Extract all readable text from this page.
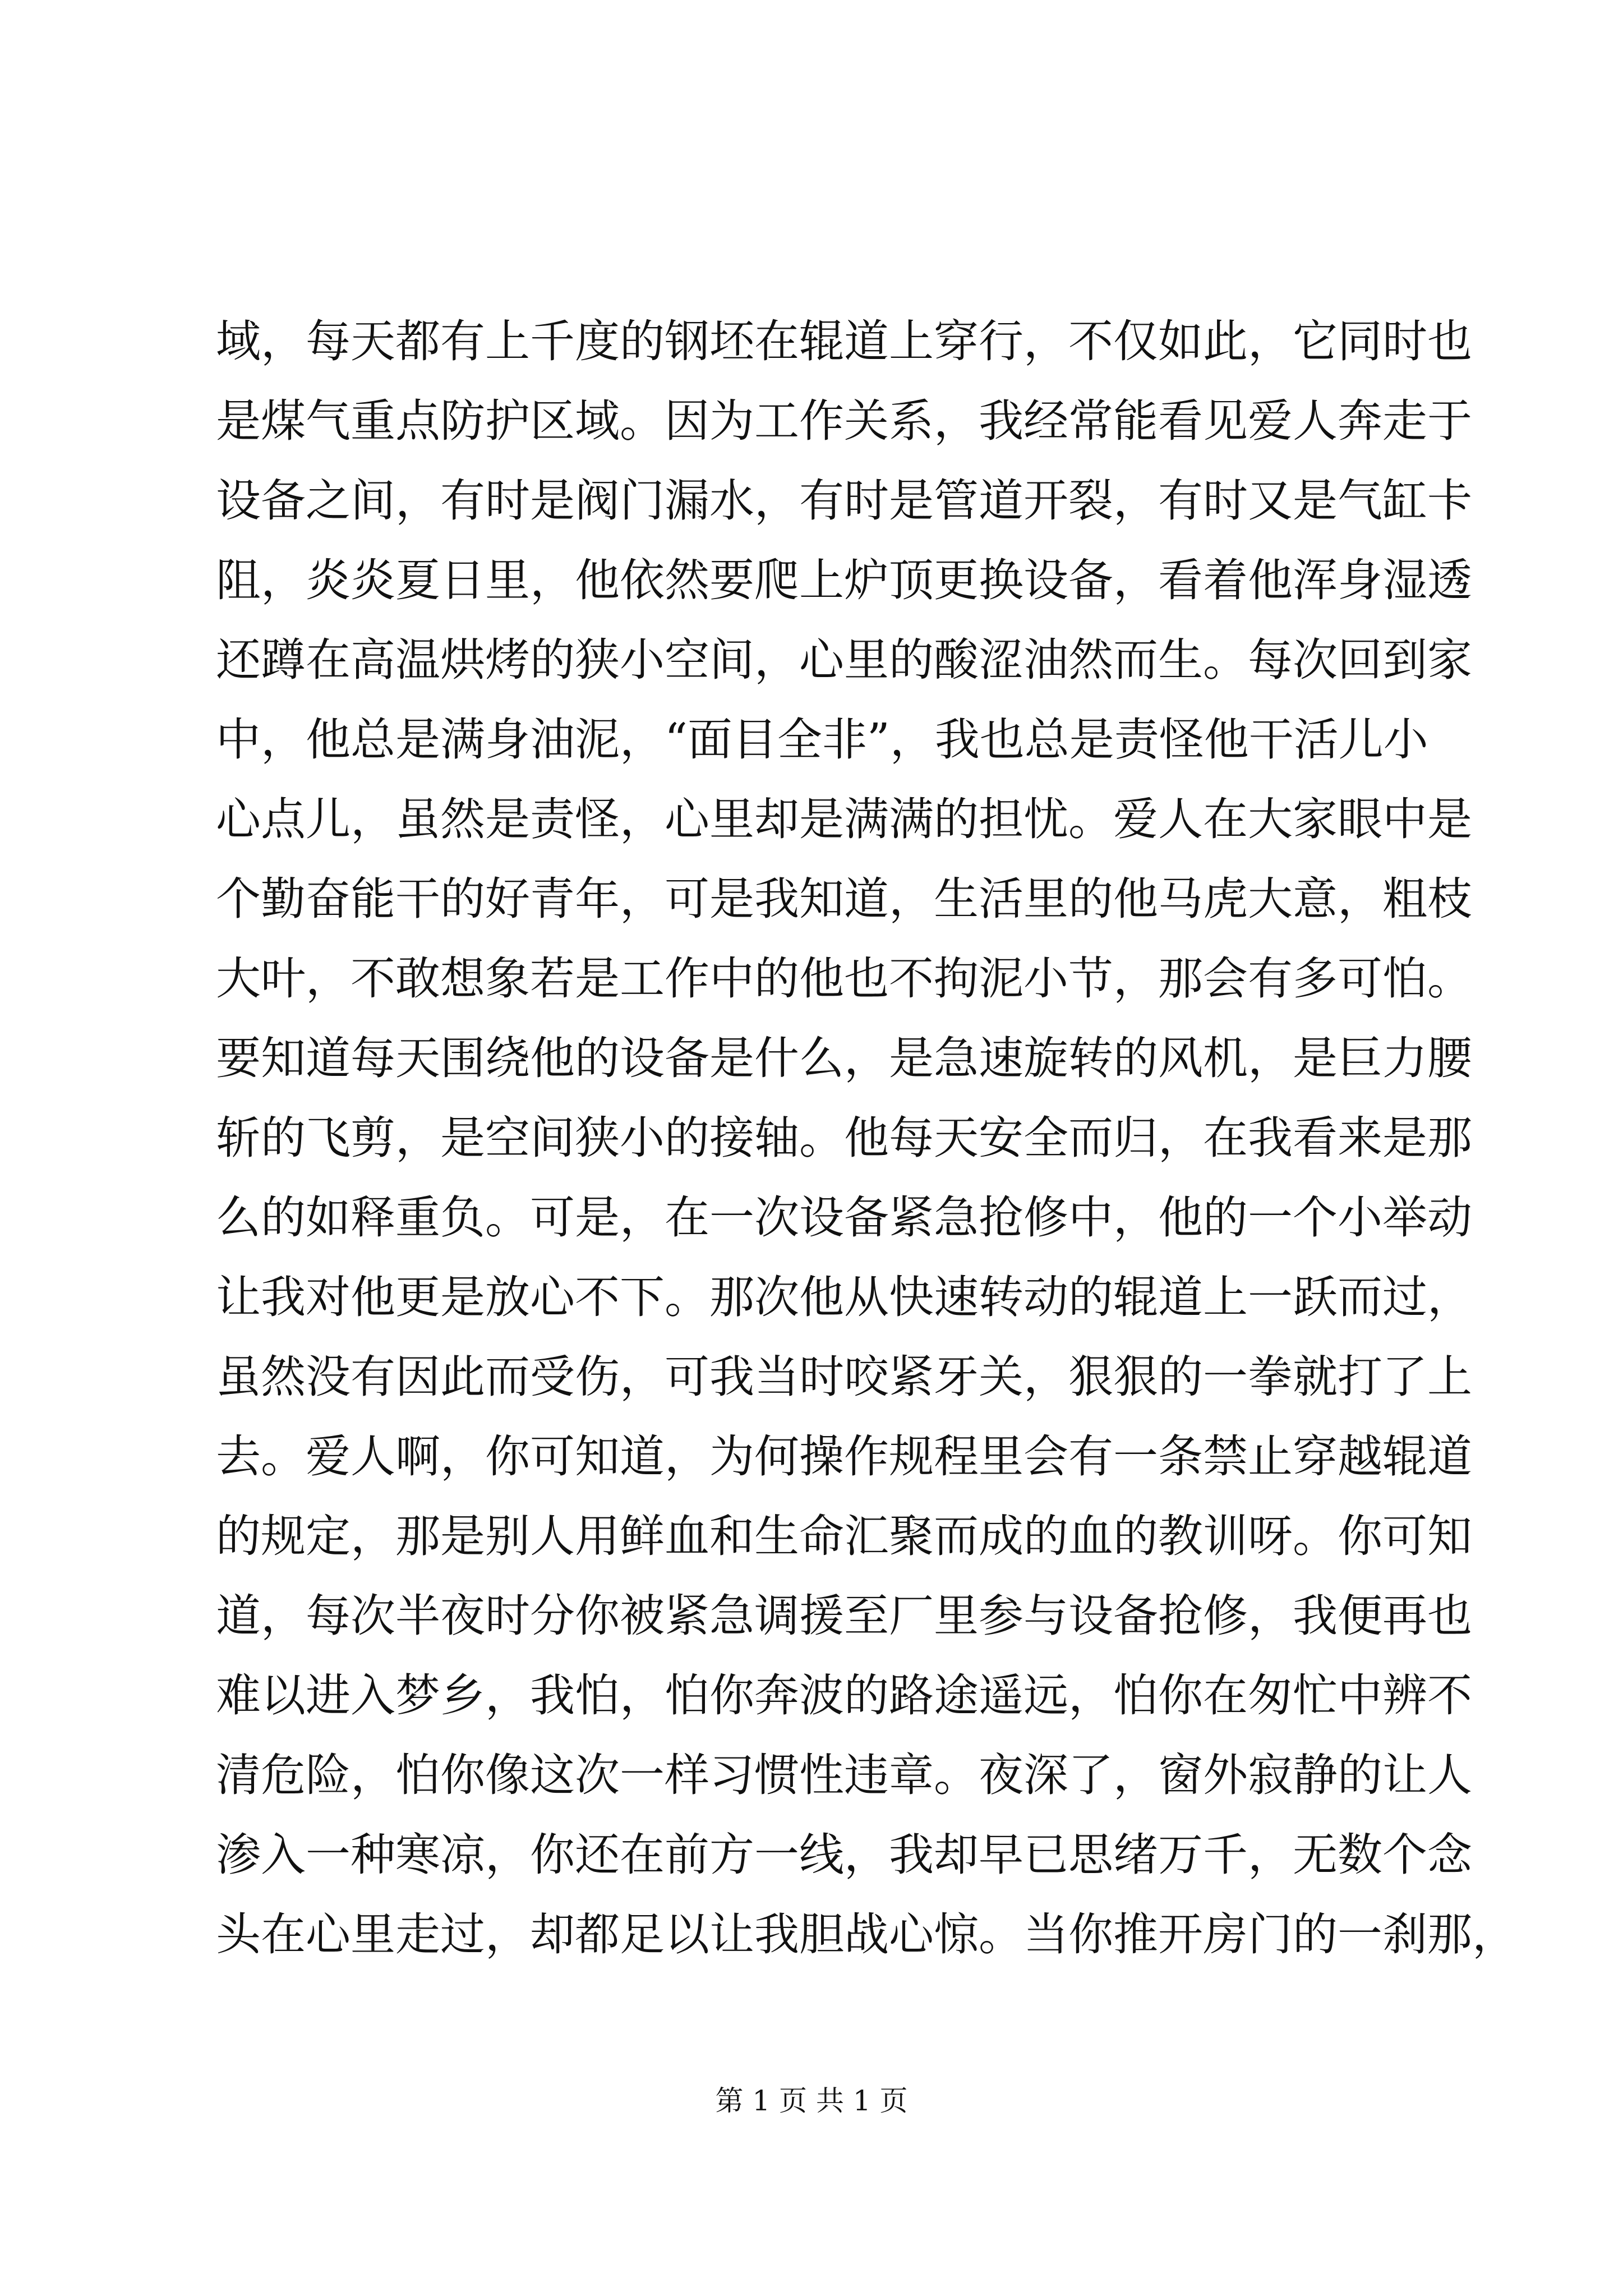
域，每天都有上千度的钢坯在辊道上穿行，不仅如此，它同时也
是煤气重点防护区域。因为工作关系，我经常能看见爱人奔走于
设备之间，有时是阀门漏水，有时是管道开裂，有时又是气缸卡
阻，炎炎夏日里，他依然要爬上炉顶更换设备，看着他浑身湿透
还蹲在高温烘烤的狭小空间，心里的酸涩油然而生。每次回到家
中，他总是满身油泥，“面目全非”，我也总是责怪他干活儿小
心点儿，虽然是责怪，心里却是满满的担忧。爱人在大家眼中是
个勤奋能干的好青年，可是我知道，生活里的他马虎大意，粗枝
大叶，不敢想象若是工作中的他也不拘泥小节，那会有多可怕。
要知道每天围绕他的设备是什么，是急速旋转的风机，是巨力腰
斩的飞剪，是空间狭小的接轴。他每天安全而归，在我看来是那
么的如释重负。可是，在一次设备紧急抢修中，他的一个小举动
让我对他更是放心不下。那次他从快速转动的辊道上一跃而过，
虽然没有因此而受伤，可我当时咬紧牙关，狠狠的一拳就打了上
去。爱人啊，你可知道，为何操作规程里会有一条禁止穿越辊道
的规定，那是别人用鲜血和生命汇聚而成的血的教训呀。你可知
道，每次半夜时分你被紧急调援至厂里参与设备抢修，我便再也
难以进入梦乡，我怕，怕你奔波的路途遥远，怕你在匆忙中辨不
清危险，怕你像这次一样习惯性违章。夜深了，窗外寂静的让人
渗入一种寒凉，你还在前方一线，我却早已思绪万千，无数个念
头在心里走过，却都足以让我胆战心惊。当你推开房门的一刹那，
第 1 页 共 1 页
